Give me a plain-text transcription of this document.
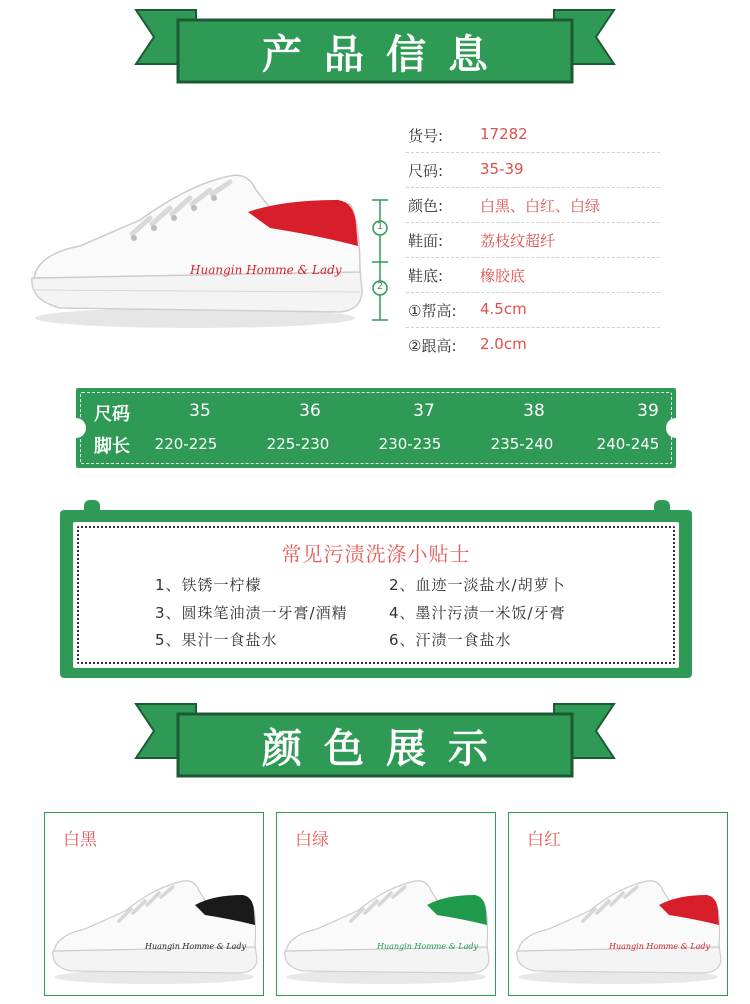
产品信息
Huangin Homme & Lady
1
2
货号: 17282
尺码: 35-39
颜色: 白黑、白红、白绿
鞋面: 荔枝纹超纤
鞋底: 橡胶底
①帮高: 4.5cm
②跟高: 2.0cm
尺码	35	36	37	38	39
脚长	220-225	225-230	230-235	235-240	240-245
常见污渍洗涤小贴士
1、铁锈一柠檬	2、血迹一淡盐水/胡萝卜
3、圆珠笔油渍一牙膏/酒精	4、墨汁污渍一米饭/牙膏
5、果汁一食盐水	6、汗渍一食盐水
颜色展示
白黑
Huangin Homme & Lady
白绿
Huangin Homme & Lady
白红
Huangin Homme & Lady
